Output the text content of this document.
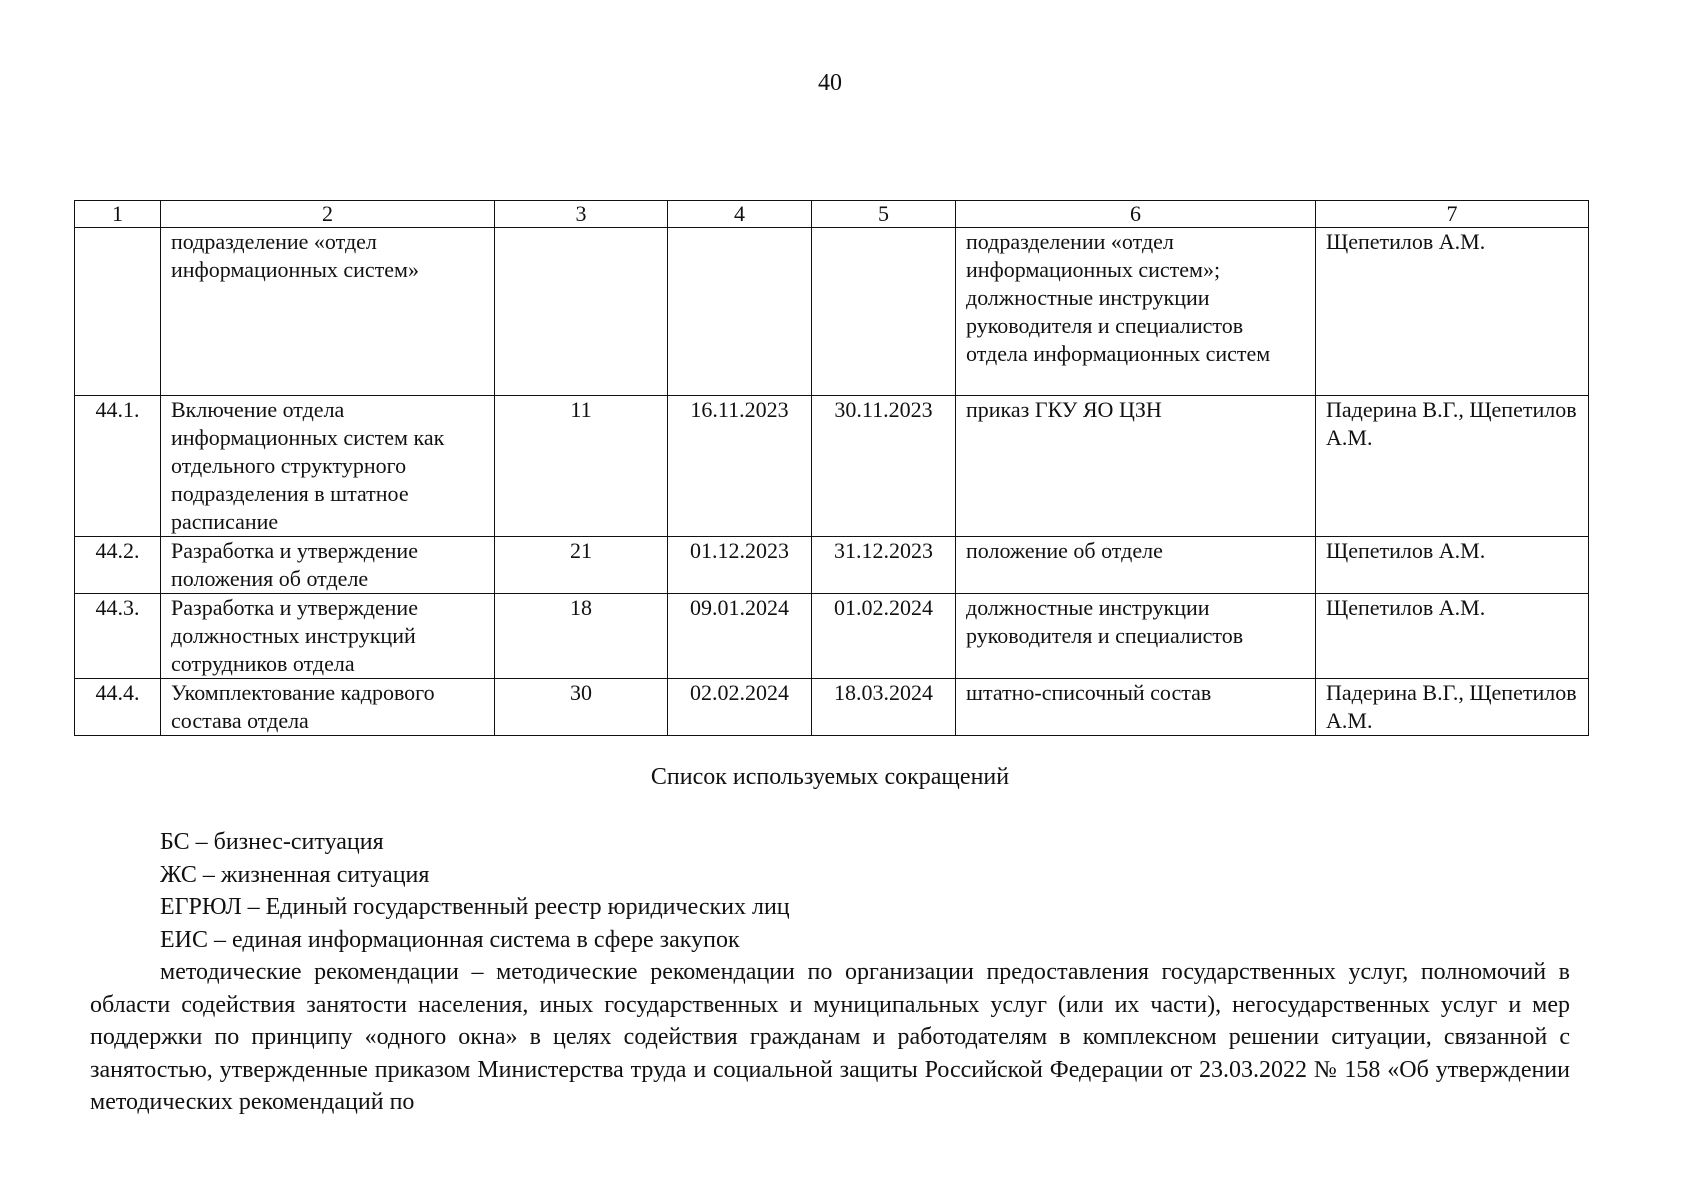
40
1	2	3	4	5	6	7
	подразделение «отдел информационных систем»				подразделении «отдел информационных систем»; должностные инструкции руководителя и специалистов отдела информационных систем	Щепетилов А.М.
44.1.	Включение отдела информационных систем как отдельного структурного подразделения в штатное расписание	11	16.11.2023	30.11.2023	приказ ГКУ ЯО ЦЗН	Падерина В.Г., Щепетилов А.М.
44.2.	Разработка и утверждение положения об отделе	21	01.12.2023	31.12.2023	положение об отделе	Щепетилов А.М.
44.3.	Разработка и утверждение должностных инструкций сотрудников отдела	18	09.01.2024	01.02.2024	должностные инструкции руководителя и специалистов	Щепетилов А.М.
44.4.	Укомплектование кадрового состава отдела	30	02.02.2024	18.03.2024	штатно-списочный состав	Падерина В.Г., Щепетилов А.М.
Список используемых сокращений
БС – бизнес-ситуация
ЖС – жизненная ситуация
ЕГРЮЛ – Единый государственный реестр юридических лиц
ЕИС – единая информационная система в сфере закупок

методические рекомендации – методические рекомендации по организации предоставления государственных услуг, полномочий в области содействия занятости населения, иных государственных и муниципальных услуг (или их части), негосударственных услуг и мер поддержки по принципу «одного окна» в целях содействия гражданам и работодателям в комплексном решении ситуации, связанной с занятостью, утвержденные приказом Министерства труда и социальной защиты Российской Федерации от 23.03.2022 № 158 «Об утверждении методических рекомендаций по
